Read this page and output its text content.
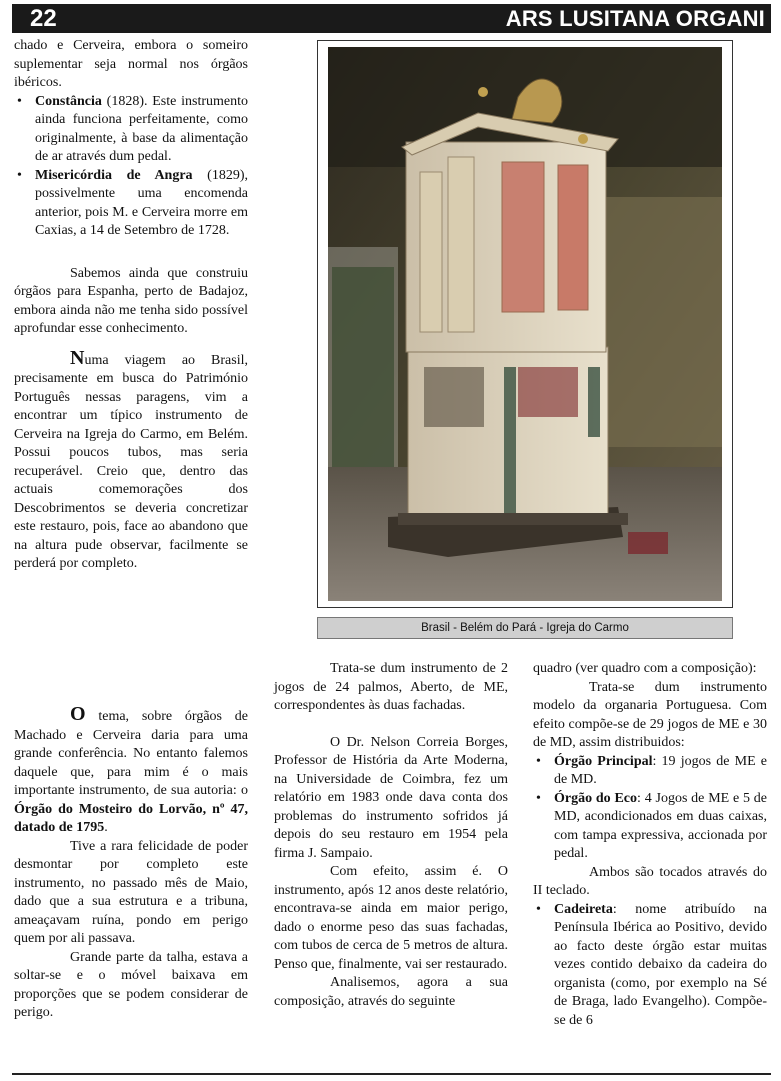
22	ARS LUSITANA ORGANI

chado e Cerveira, embora o someiro suplementar seja normal nos órgãos ibéricos.

• Constância (1828). Este instrumento ainda funciona perfeitamente, como originalmente, à base da alimentação de ar através dum pedal.
• Misericórdia de Angra (1829), possivelmente uma encomenda anterior, pois M. e Cerveira morre em Caxias, a 14 de Setembro de 1728.

Sabemos ainda que construiu órgãos para Espanha, perto de Badajoz, embora ainda não me tenha sido possível aprofundar esse conhecimento.

Numa viagem ao Brasil, precisamente em busca do Património Português nessas paragens, vim a encontrar um típico instrumento de Cerveira na Igreja do Carmo, em Belém. Possui poucos tubos, mas seria recuperável. Creio que, dentro das actuais comemorações dos Descobrimentos se deveria concretizar este restauro, pois, face ao abandono que na altura pude observar, facilmente se perderá por completo.

O tema, sobre órgãos de Machado e Cerveira daria para uma grande conferência. No entanto falemos daquele que, para mim é o mais importante instrumento, de sua autoria: o Órgão do Mosteiro do Lorvão, nº 47, datado de 1795.

Tive a rara felicidade de poder desmontar por completo este instrumento, no passado mês de Maio, dado que a sua estrutura e a tribuna, ameaçavam ruína, pondo em perigo quem por ali passava.

Grande parte da talha, estava a soltar-se e o móvel baixava em proporções que se podem considerar de perigo.

Brasil - Belém do Pará - Igreja do Carmo

Trata-se dum instrumento de 2 jogos de 24 palmos, Aberto, de ME, correspondentes às duas fachadas.

O Dr. Nelson Correia Borges, Professor de História da Arte Moderna, na Universidade de Coimbra, fez um relatório em 1983 onde dava conta dos problemas do instrumento sofridos já depois do seu restauro em 1954 pela firma J. Sampaio.

Com efeito, assim é. O instrumento, após 12 anos deste relatório, encontrava-se ainda em maior perigo, dado o enorme peso das suas fachadas, com tubos de cerca de 5 metros de altura. Penso que, finalmente, vai ser restaurado.

Analisemos, agora a sua composição, através do seguinte

quadro (ver quadro com a composição):

Trata-se dum instrumento modelo da organaria Portuguesa. Com efeito compõe-se de 29 jogos de ME e 30 de MD, assim distribuidos:

• Órgão Principal: 19 jogos de ME e de MD.
• Órgão do Eco: 4 Jogos de ME e 5 de MD, acondicionados em duas caixas, com tampa expressiva, accionada por pedal.

Ambos são tocados através do II teclado.

• Cadeireta: nome atribuído na Península Ibérica ao Positivo, devido ao facto deste órgão estar muitas vezes contido debaixo da cadeira do organista (como, por exemplo na Sé de Braga, lado Evangelho). Compõe-se de 6
